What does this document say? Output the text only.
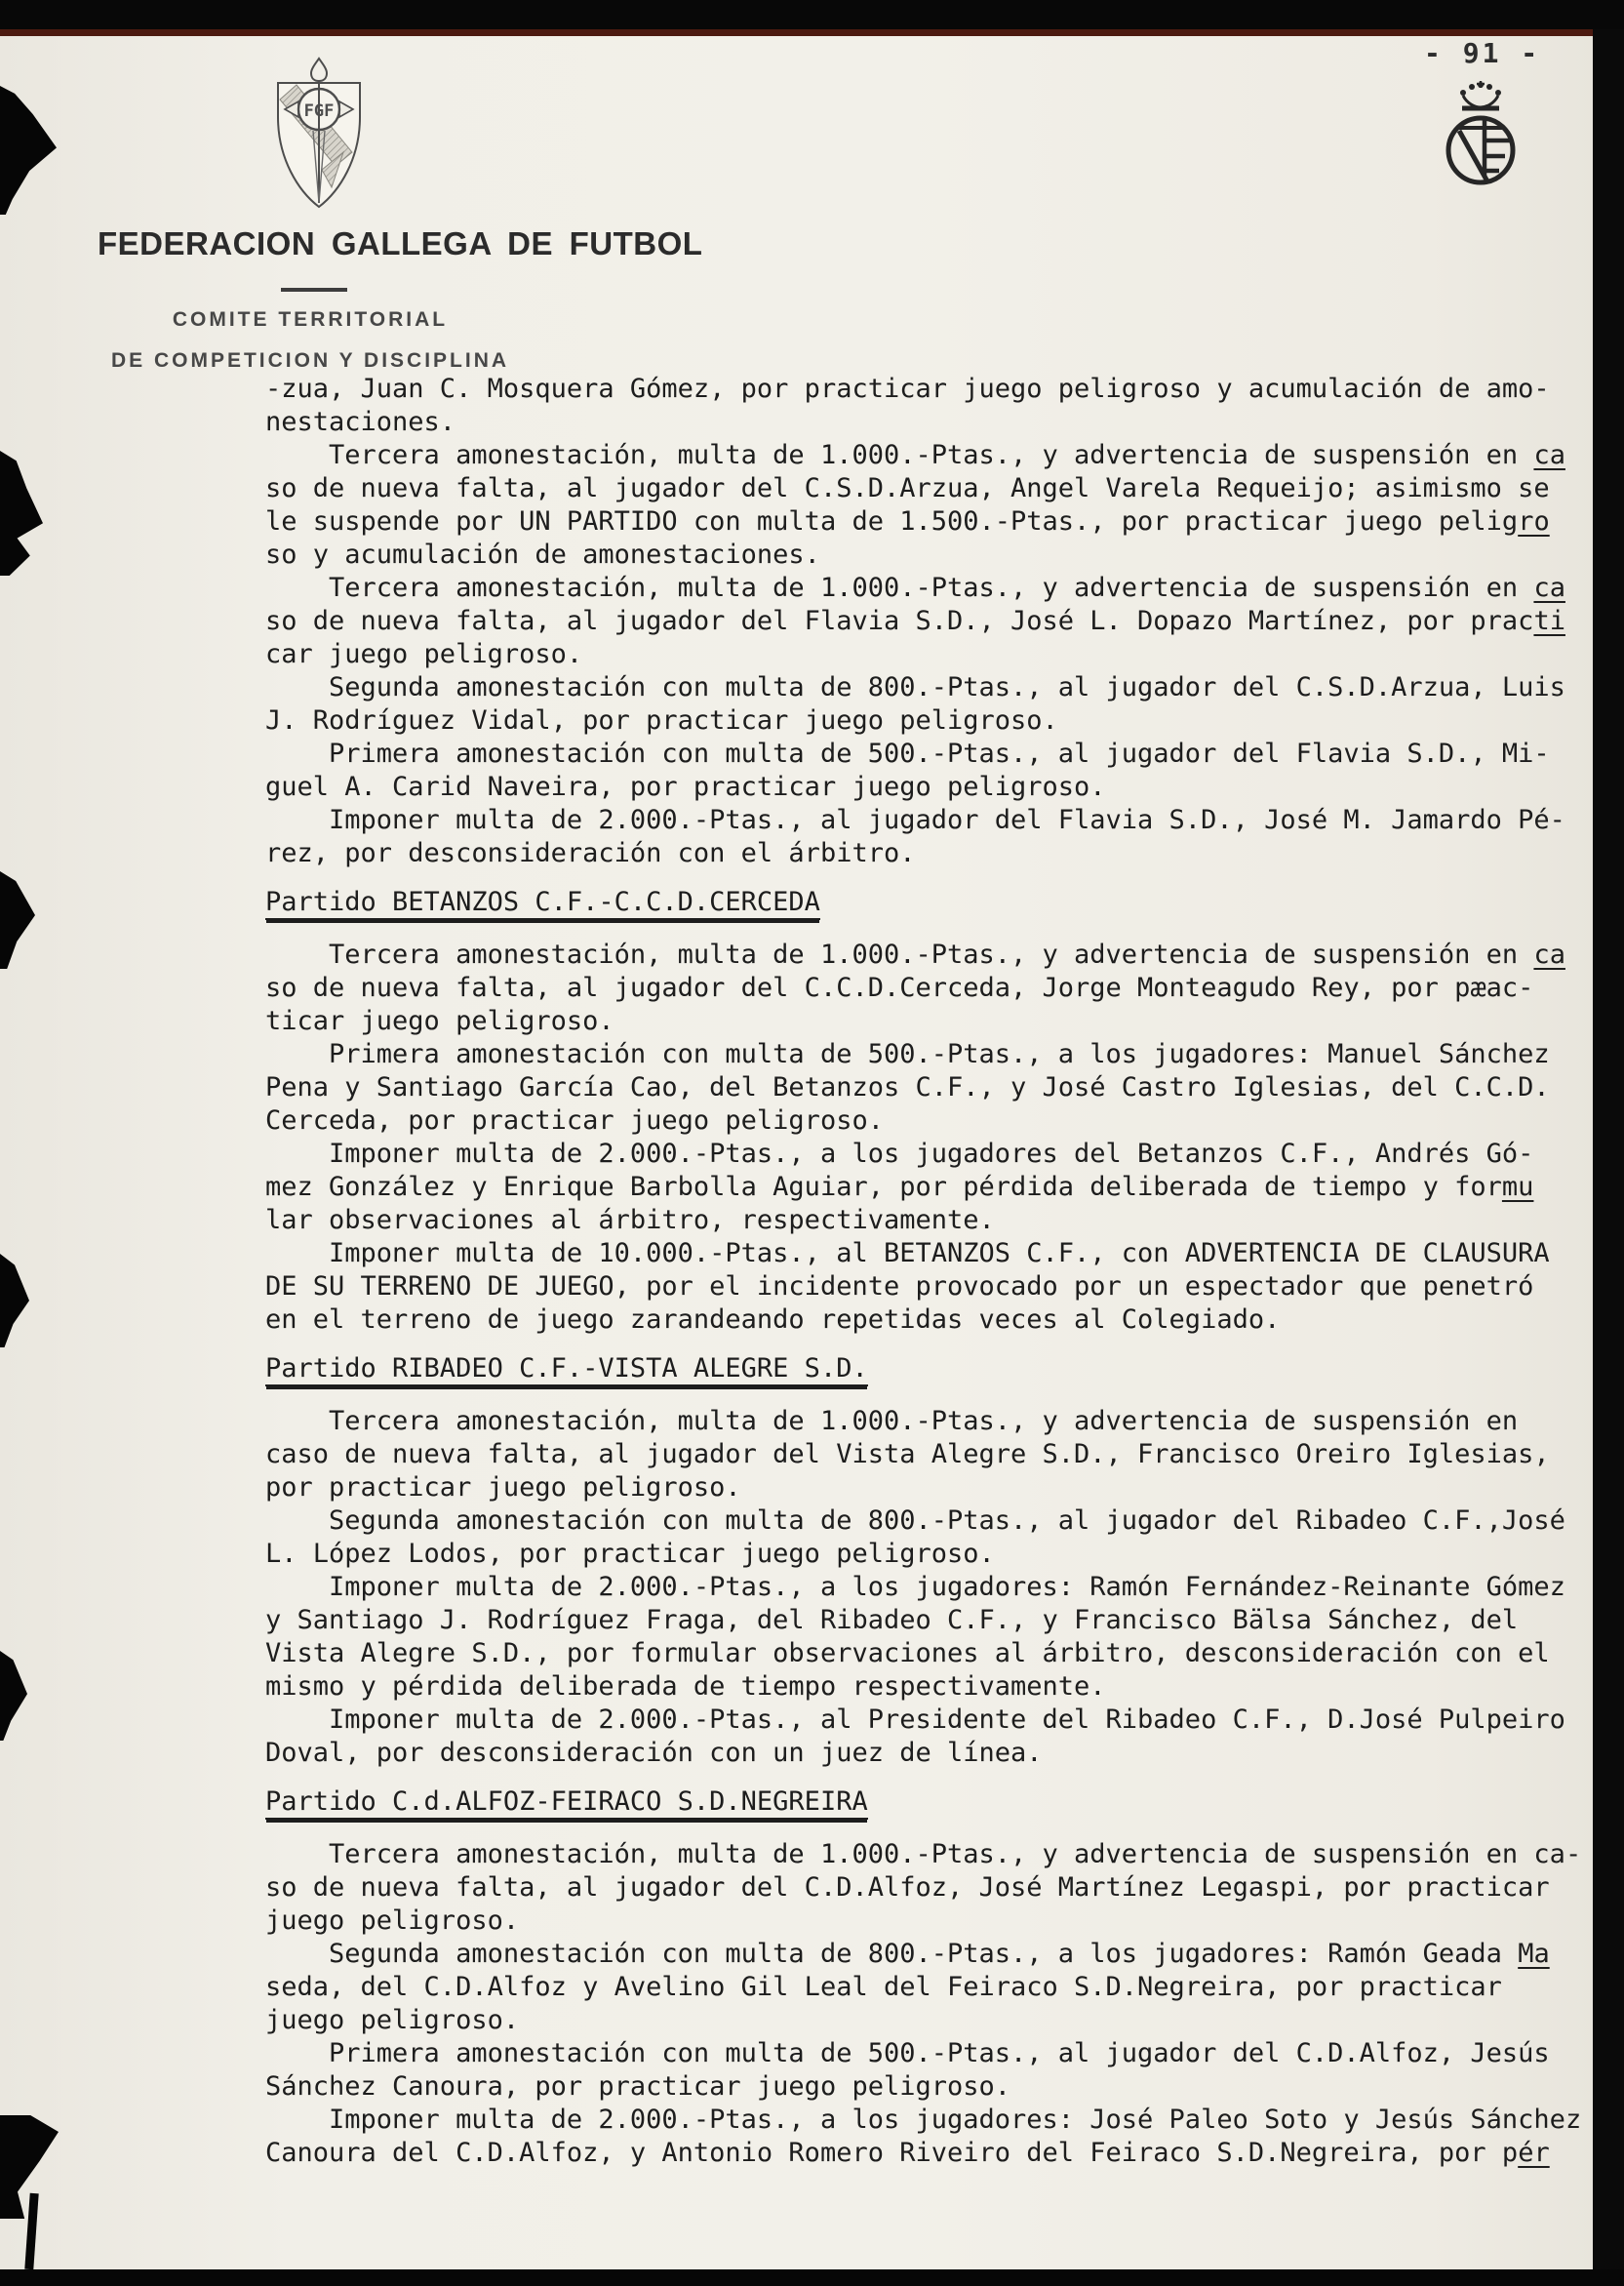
- 91 -
FGF
FEDERACION GALLEGA DE FUTBOL
COMITE TERRITORIAL
DE COMPETICION Y DISCIPLINA
-zua, Juan C. Mosquera Gómez, por practicar juego peligroso y acumulación de amo-
nestaciones.
Tercera amonestación, multa de 1.000.-Ptas., y advertencia de suspensión en ca
so de nueva falta, al jugador del C.S.D.Arzua, Angel Varela Requeijo; asimismo se
le suspende por UN PARTIDO con multa de 1.500.-Ptas., por practicar juego peligro
so y acumulación de amonestaciones.
Tercera amonestación, multa de 1.000.-Ptas., y advertencia de suspensión en ca
so de nueva falta, al jugador del Flavia S.D., José L. Dopazo Martínez, por practi
car juego peligroso.
Segunda amonestación con multa de 800.-Ptas., al jugador del C.S.D.Arzua, Luis
J. Rodríguez Vidal, por practicar juego peligroso.
Primera amonestación con multa de 500.-Ptas., al jugador del Flavia S.D., Mi-
guel A. Carid Naveira, por practicar juego peligroso.
Imponer multa de 2.000.-Ptas., al jugador del Flavia S.D., José M. Jamardo Pé-
rez, por desconsideración con el árbitro.
Partido BETANZOS C.F.-C.C.D.CERCEDA
Tercera amonestación, multa de 1.000.-Ptas., y advertencia de suspensión en ca
so de nueva falta, al jugador del C.C.D.Cerceda, Jorge Monteagudo Rey, por pæac-
ticar juego peligroso.
Primera amonestación con multa de 500.-Ptas., a los jugadores: Manuel Sánchez
Pena y Santiago García Cao, del Betanzos C.F., y José Castro Iglesias, del C.C.D.
Cerceda, por practicar juego peligroso.
Imponer multa de 2.000.-Ptas., a los jugadores del Betanzos C.F., Andrés Gó-
mez González y Enrique Barbolla Aguiar, por pérdida deliberada de tiempo y formu
lar observaciones al árbitro, respectivamente.
Imponer multa de 10.000.-Ptas., al BETANZOS C.F., con ADVERTENCIA DE CLAUSURA
DE SU TERRENO DE JUEGO, por el incidente provocado por un espectador que penetró
en el terreno de juego zarandeando repetidas veces al Colegiado.
Partido RIBADEO C.F.-VISTA ALEGRE S.D.
Tercera amonestación, multa de 1.000.-Ptas., y advertencia de suspensión en
caso de nueva falta, al jugador del Vista Alegre S.D., Francisco Oreiro Iglesias,
por practicar juego peligroso.
Segunda amonestación con multa de 800.-Ptas., al jugador del Ribadeo C.F.,José
L. López Lodos, por practicar juego peligroso.
Imponer multa de 2.000.-Ptas., a los jugadores: Ramón Fernández-Reinante Gómez
y Santiago J. Rodríguez Fraga, del Ribadeo C.F., y Francisco Bälsa Sánchez, del
Vista Alegre S.D., por formular observaciones al árbitro, desconsideración con el
mismo y pérdida deliberada de tiempo respectivamente.
Imponer multa de 2.000.-Ptas., al Presidente del Ribadeo C.F., D.José Pulpeiro
Doval, por desconsideración con un juez de línea.
Partido C.d.ALFOZ-FEIRACO S.D.NEGREIRA
Tercera amonestación, multa de 1.000.-Ptas., y advertencia de suspensión en ca-
so de nueva falta, al jugador del C.D.Alfoz, José Martínez Legaspi, por practicar
juego peligroso.
Segunda amonestación con multa de 800.-Ptas., a los jugadores: Ramón Geada Ma
seda, del C.D.Alfoz y Avelino Gil Leal del Feiraco S.D.Negreira, por practicar
juego peligroso.
Primera amonestación con multa de 500.-Ptas., al jugador del C.D.Alfoz, Jesús
Sánchez Canoura, por practicar juego peligroso.
Imponer multa de 2.000.-Ptas., a los jugadores: José Paleo Soto y Jesús Sánchez
Canoura del C.D.Alfoz, y Antonio Romero Riveiro del Feiraco S.D.Negreira, por pér
